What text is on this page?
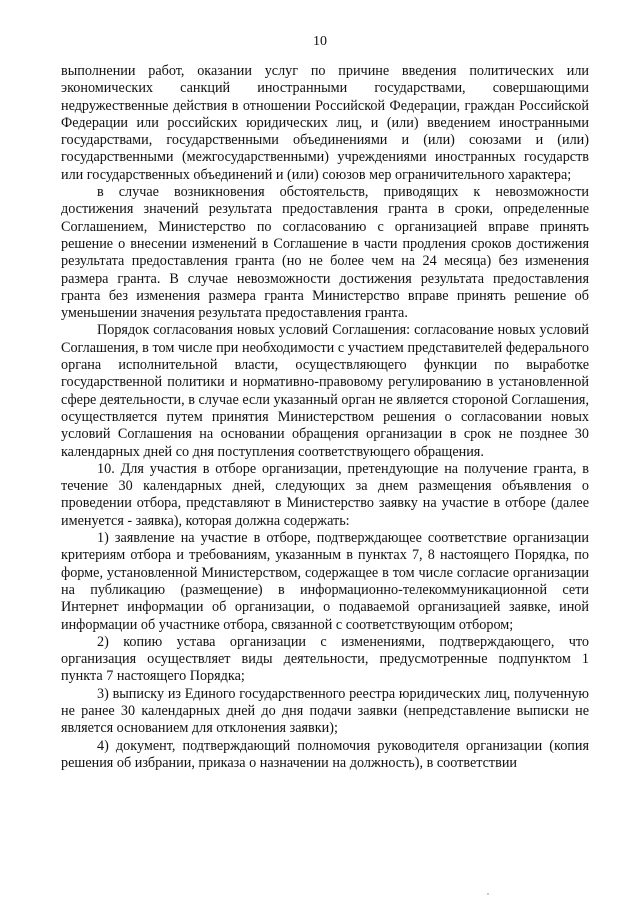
10

выполнении работ, оказании услуг по причине введения политических или экономических санкций иностранными государствами, совершающими недружественные действия в отношении Российской Федерации, граждан Российской Федерации или российских юридических лиц, и (или) введением иностранными государствами, государственными объединениями и (или) союзами и (или) государственными (межгосударственными) учреждениями иностранных государств или государственных объединений и (или) союзов мер ограничительного характера;

в случае возникновения обстоятельств, приводящих к невозможности достижения значений результата предоставления гранта в сроки, определенные Соглашением, Министерство по согласованию с организацией вправе принять решение о внесении изменений в Соглашение в части продления сроков достижения результата предоставления гранта (но не более чем на 24 месяца) без изменения размера гранта. В случае невозможности достижения результата предоставления гранта без изменения размера гранта Министерство вправе принять решение об уменьшении значения результата предоставления гранта.

Порядок согласования новых условий Соглашения: согласование новых условий Соглашения, в том числе при необходимости с участием представителей федерального органа исполнительной власти, осуществляющего функции по выработке государственной политики и нормативно-правовому регулированию в установленной сфере деятельности, в случае если указанный орган не является стороной Соглашения, осуществляется путем принятия Министерством решения о согласовании новых условий Соглашения на основании обращения организации в срок не позднее 30 календарных дней со дня поступления соответствующего обращения.

10. Для участия в отборе организации, претендующие на получение гранта, в течение 30 календарных дней, следующих за днем размещения объявления о проведении отбора, представляют в Министерство заявку на участие в отборе (далее именуется - заявка), которая должна содержать:

1) заявление на участие в отборе, подтверждающее соответствие организации критериям отбора и требованиям, указанным в пунктах 7, 8 настоящего Порядка, по форме, установленной Министерством, содержащее в том числе согласие организации на публикацию (размещение) в информационно-телекоммуникационной сети Интернет информации об организации, о подаваемой организацией заявке, иной информации об участнике отбора, связанной с соответствующим отбором;

2) копию устава организации с изменениями, подтверждающего, что организация осуществляет виды деятельности, предусмотренные подпунктом 1 пункта 7 настоящего Порядка;

3) выписку из Единого государственного реестра юридических лиц, полученную не ранее 30 календарных дней до дня подачи заявки (непредставление выписки не является основанием для отклонения заявки);

4) документ, подтверждающий полномочия руководителя организации (копия решения об избрании, приказа о назначении на должность), в соответствии
